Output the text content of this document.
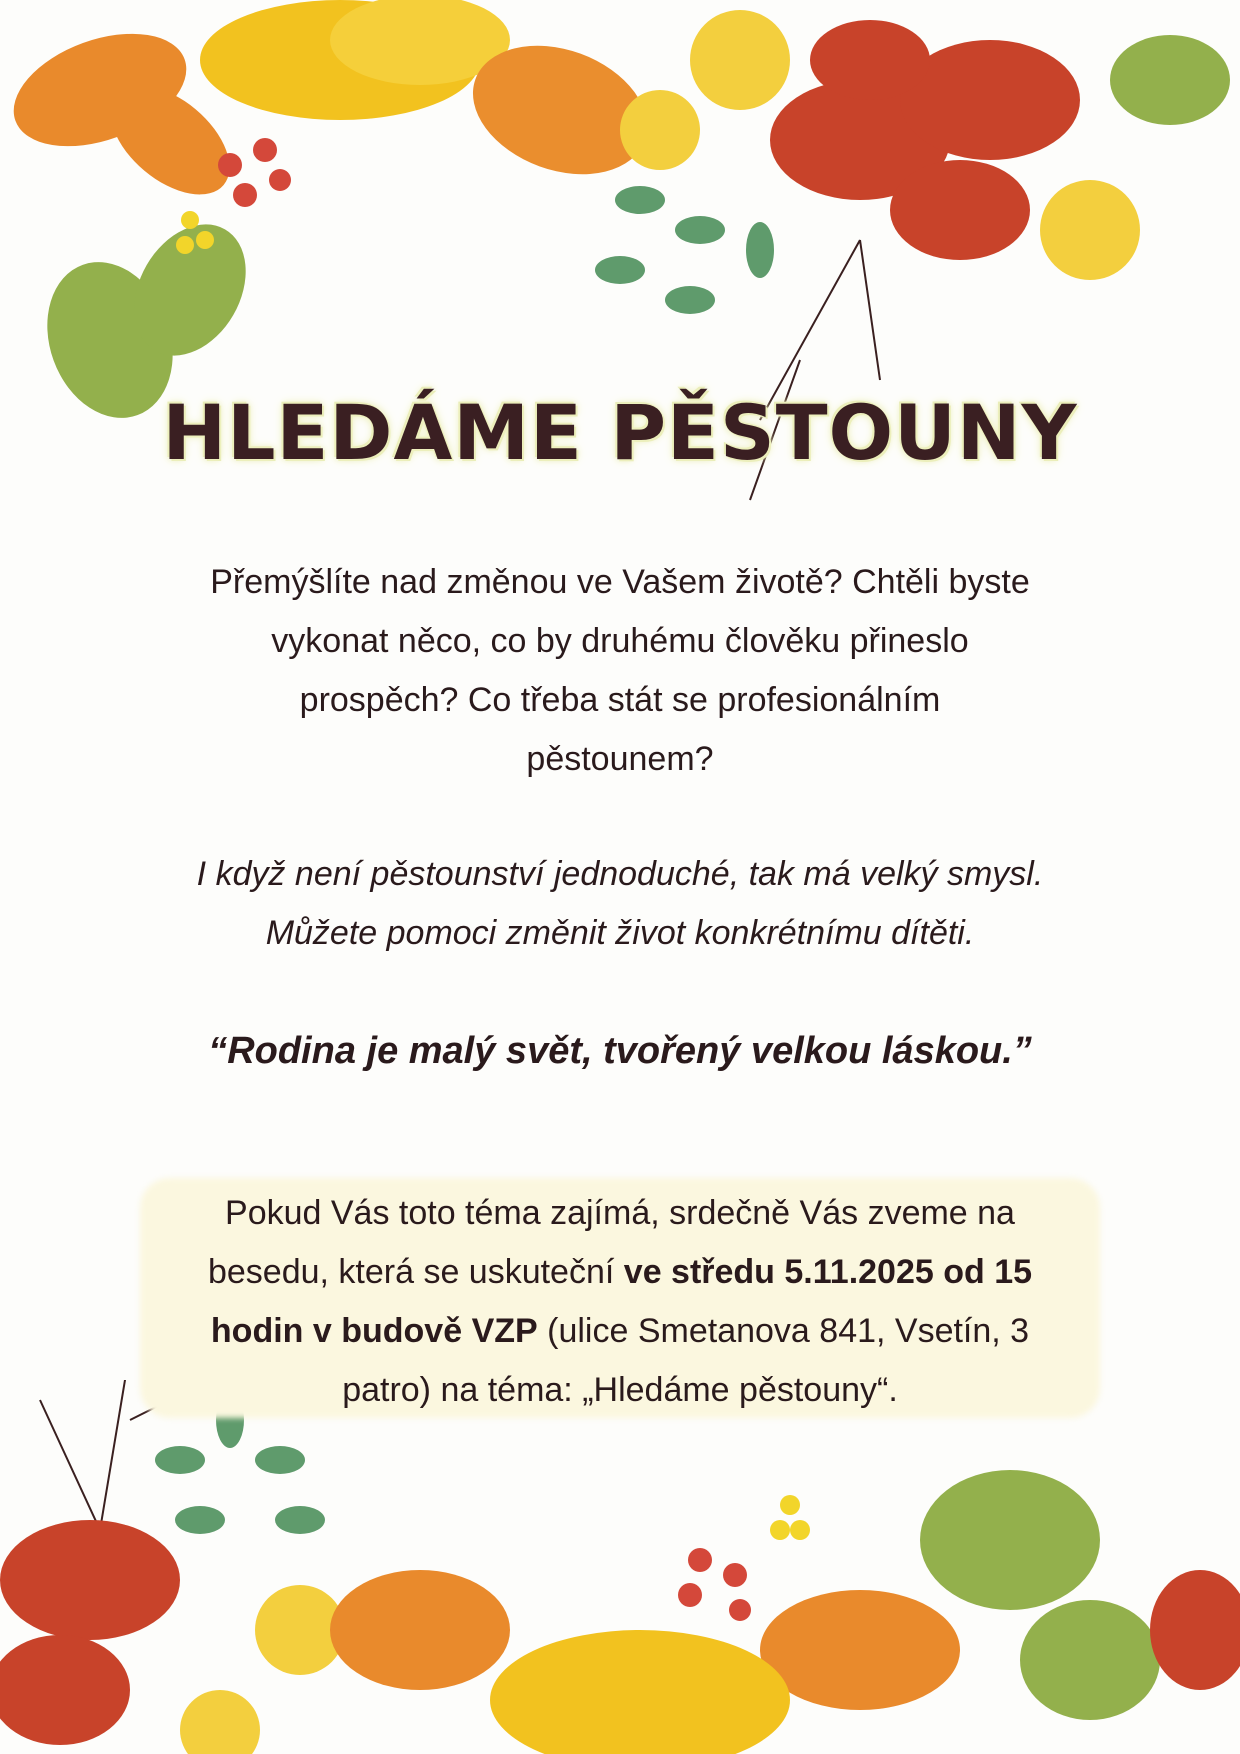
HLEDÁME PĚSTOUNY
Přemýšlíte nad změnou ve Vašem životě? Chtěli byste
vykonat něco, co by druhému člověku přineslo
prospěch? Co třeba stát se profesionálním
pěstounem?
I když není pěstounství jednoduché, tak má velký smysl.
Můžete pomoci změnit život konkrétnímu dítěti.
“Rodina je malý svět, tvořený velkou láskou.”
Pokud Vás toto téma zajímá, srdečně Vás zveme na
besedu, která se uskuteční ve středu 5.11.2025 od 15
hodin v budově VZP (ulice Smetanova 841, Vsetín, 3
patro) na téma: „Hledáme pěstouny“.
